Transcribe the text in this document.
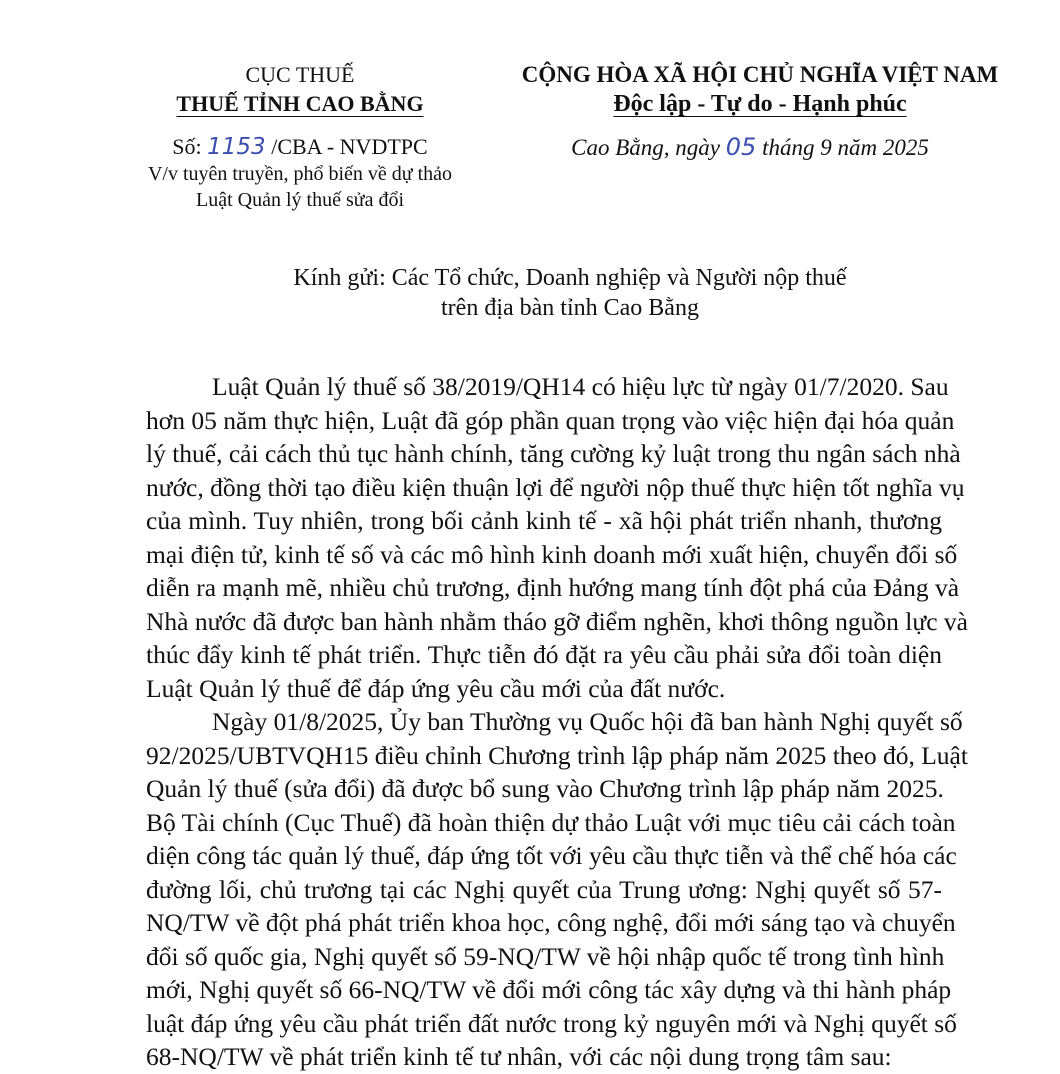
CỤC THUẾ
THUẾ TỈNH CAO BẰNG
Số: 1153 /CBA - NVDTPC
V/v tuyên truyền, phổ biến về dự thảo
Luật Quản lý thuế sửa đổi
CỘNG HÒA XÃ HỘI CHỦ NGHĨA VIỆT NAM
Độc lập - Tự do - Hạnh phúc
Cao Bằng, ngày 05 tháng 9 năm 2025
Kính gửi: Các Tổ chức, Doanh nghiệp và Người nộp thuế
trên địa bàn tỉnh Cao Bằng
Luật Quản lý thuế số 38/2019/QH14 có hiệu lực từ ngày 01/7/2020. Sau
hơn 05 năm thực hiện, Luật đã góp phần quan trọng vào việc hiện đại hóa quản
lý thuế, cải cách thủ tục hành chính, tăng cường kỷ luật trong thu ngân sách nhà
nước, đồng thời tạo điều kiện thuận lợi để người nộp thuế thực hiện tốt nghĩa vụ
của mình. Tuy nhiên, trong bối cảnh kinh tế - xã hội phát triển nhanh, thương
mại điện tử, kinh tế số và các mô hình kinh doanh mới xuất hiện, chuyển đổi số
diễn ra mạnh mẽ, nhiều chủ trương, định hướng mang tính đột phá của Đảng và
Nhà nước đã được ban hành nhằm tháo gỡ điểm nghẽn, khơi thông nguồn lực và
thúc đẩy kinh tế phát triển. Thực tiễn đó đặt ra yêu cầu phải sửa đổi toàn diện
Luật Quản lý thuế để đáp ứng yêu cầu mới của đất nước.
Ngày 01/8/2025, Ủy ban Thường vụ Quốc hội đã ban hành Nghị quyết số
92/2025/UBTVQH15 điều chỉnh Chương trình lập pháp năm 2025 theo đó, Luật
Quản lý thuế (sửa đổi) đã được bổ sung vào Chương trình lập pháp năm 2025.
Bộ Tài chính (Cục Thuế) đã hoàn thiện dự thảo Luật với mục tiêu cải cách toàn
diện công tác quản lý thuế, đáp ứng tốt với yêu cầu thực tiễn và thể chế hóa các
đường lối, chủ trương tại các Nghị quyết của Trung ương: Nghị quyết số 57-
NQ/TW về đột phá phát triển khoa học, công nghệ, đổi mới sáng tạo và chuyển
đổi số quốc gia, Nghị quyết số 59-NQ/TW về hội nhập quốc tế trong tình hình
mới, Nghị quyết số 66-NQ/TW về đổi mới công tác xây dựng và thi hành pháp
luật đáp ứng yêu cầu phát triển đất nước trong kỷ nguyên mới và Nghị quyết số
68-NQ/TW về phát triển kinh tế tư nhân, với các nội dung trọng tâm sau:
